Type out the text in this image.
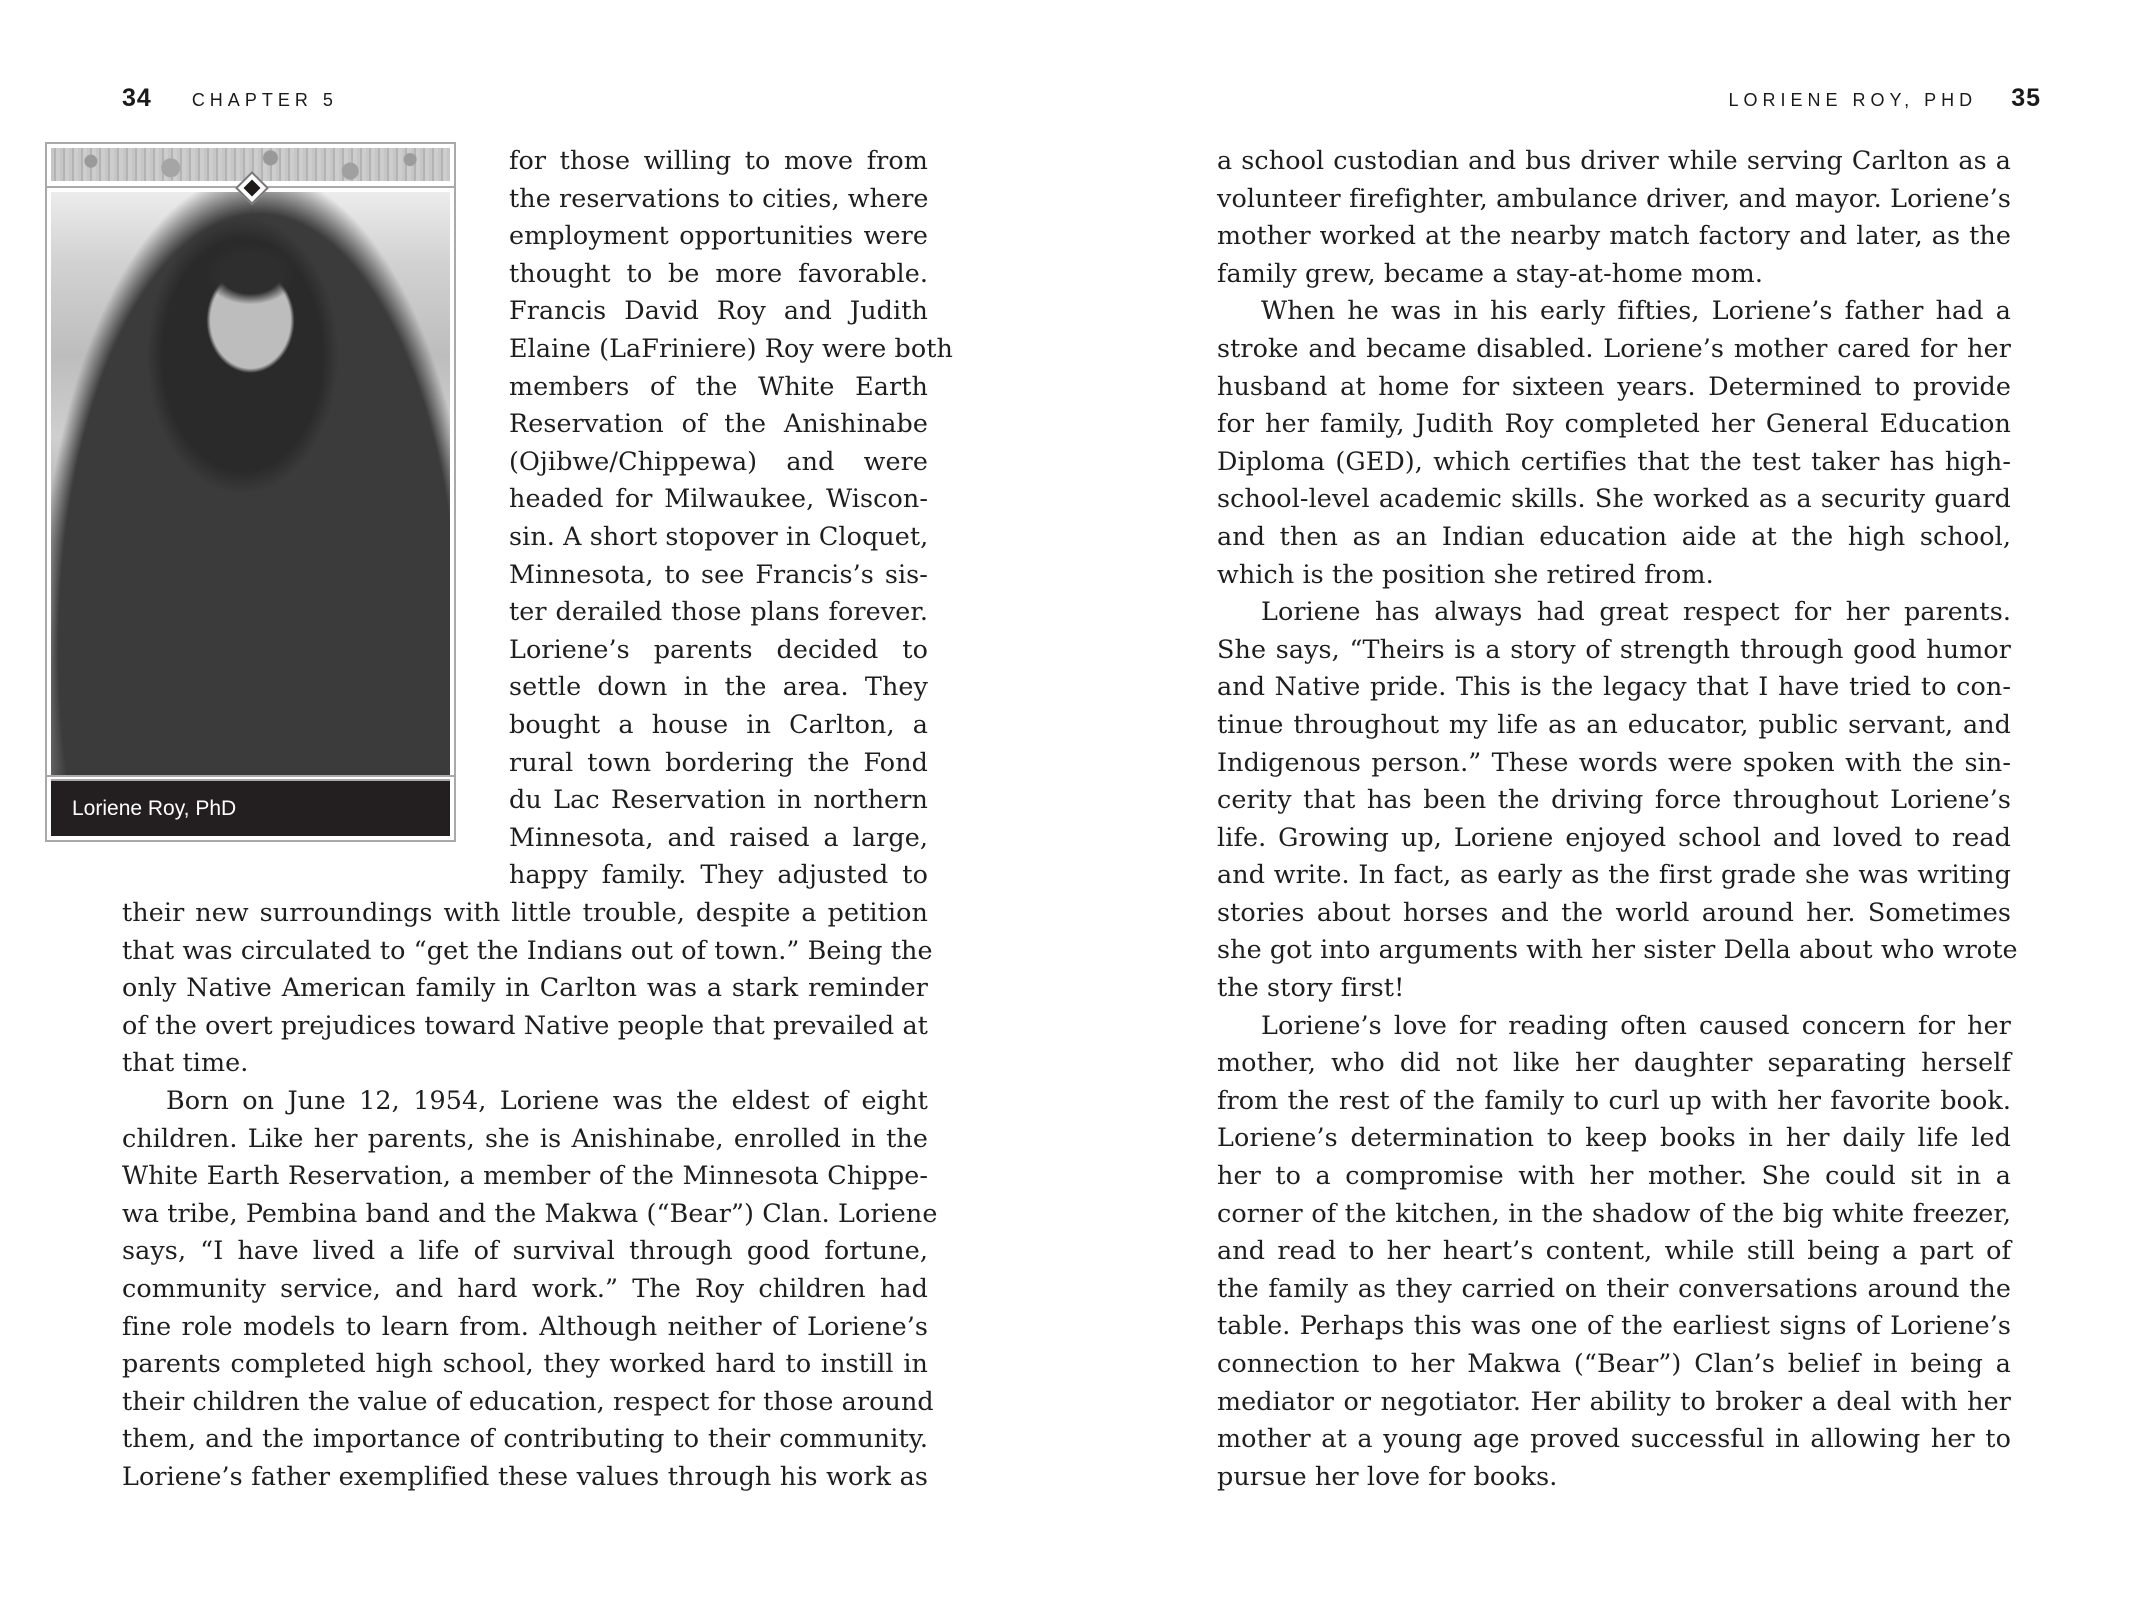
34 CHAPTER 5	LORIENE ROY, PHD 35
Loriene Roy, PhD
for those willing to move from
the reservations to cities, where
employment opportunities were
thought to be more favorable.
Francis David Roy and Judith
Elaine (LaFriniere) Roy were both
members of the White Earth
Reservation of the Anishinabe
(Ojibwe/Chippewa) and were
headed for Milwaukee, Wiscon-
sin. A short stopover in Cloquet,
Minnesota, to see Francis’s sis-
ter derailed those plans forever.
Loriene’s parents decided to
settle down in the area. They
bought a house in Carlton, a
rural town bordering the Fond
du Lac Reservation in northern
Minnesota, and raised a large,
happy family. They adjusted to
their new surroundings with little trouble, despite a petition
that was circulated to “get the Indians out of town.” Being the
only Native American family in Carlton was a stark reminder
of the overt prejudices toward Native people that prevailed at
that time.
Born on June 12, 1954, Loriene was the eldest of eight
children. Like her parents, she is Anishinabe, enrolled in the
White Earth Reservation, a member of the Minnesota Chippe-
wa tribe, Pembina band and the Makwa (“Bear”) Clan. Loriene
says, “I have lived a life of survival through good fortune,
community service, and hard work.” The Roy children had
fine role models to learn from. Although neither of Loriene’s
parents completed high school, they worked hard to instill in
their children the value of education, respect for those around
them, and the importance of contributing to their community.
Loriene’s father exemplified these values through his work as
a school custodian and bus driver while serving Carlton as a
volunteer firefighter, ambulance driver, and mayor. Loriene’s
mother worked at the nearby match factory and later, as the
family grew, became a stay-at-home mom.
When he was in his early fifties, Loriene’s father had a
stroke and became disabled. Loriene’s mother cared for her
husband at home for sixteen years. Determined to provide
for her family, Judith Roy completed her General Education
Diploma (GED), which certifies that the test taker has high-
school-level academic skills. She worked as a security guard
and then as an Indian education aide at the high school,
which is the position she retired from.
Loriene has always had great respect for her parents.
She says, “Theirs is a story of strength through good humor
and Native pride. This is the legacy that I have tried to con-
tinue throughout my life as an educator, public servant, and
Indigenous person.” These words were spoken with the sin-
cerity that has been the driving force throughout Loriene’s
life. Growing up, Loriene enjoyed school and loved to read
and write. In fact, as early as the first grade she was writing
stories about horses and the world around her. Sometimes
she got into arguments with her sister Della about who wrote
the story first!
Loriene’s love for reading often caused concern for her
mother, who did not like her daughter separating herself
from the rest of the family to curl up with her favorite book.
Loriene’s determination to keep books in her daily life led
her to a compromise with her mother. She could sit in a
corner of the kitchen, in the shadow of the big white freezer,
and read to her heart’s content, while still being a part of
the family as they carried on their conversations around the
table. Perhaps this was one of the earliest signs of Loriene’s
connection to her Makwa (“Bear”) Clan’s belief in being a
mediator or negotiator. Her ability to broker a deal with her
mother at a young age proved successful in allowing her to
pursue her love for books.
